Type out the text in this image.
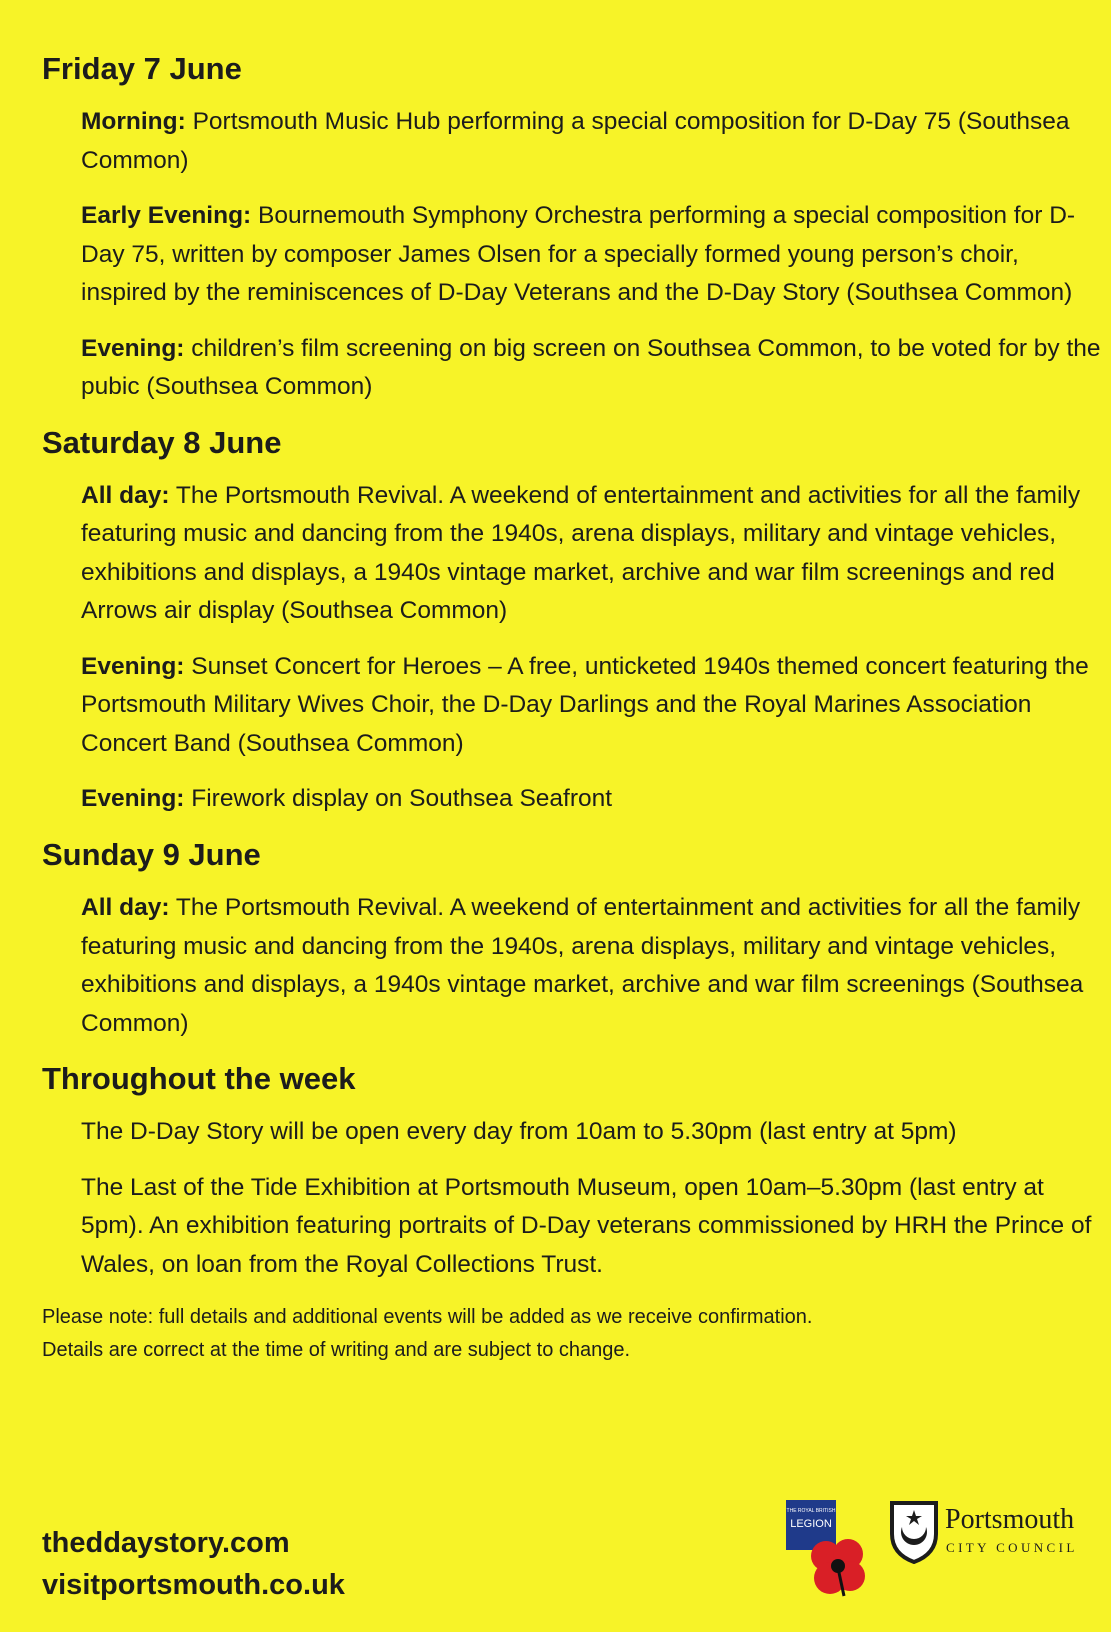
Friday 7 June

Morning: Portsmouth Music Hub performing a special composition for D-Day 75 (Southsea Common)

Early Evening: Bournemouth Symphony Orchestra performing a special composition for D-Day 75, written by composer James Olsen for a specially formed young person’s choir, inspired by the reminiscences of D-Day Veterans and the D-Day Story (Southsea Common)

Evening: children’s film screening on big screen on Southsea Common, to be voted for by the pubic (Southsea Common)

Saturday 8 June

All day: The Portsmouth Revival. A weekend of entertainment and activities for all the family featuring music and dancing from the 1940s, arena displays, military and vintage vehicles, exhibitions and displays, a 1940s vintage market, archive and war film screenings and red Arrows air display (Southsea Common)

Evening: Sunset Concert for Heroes – A free, unticketed 1940s themed concert featuring the Portsmouth Military Wives Choir, the D-Day Darlings and the Royal Marines Association Concert Band (Southsea Common)

Evening: Firework display on Southsea Seafront

Sunday 9 June

All day: The Portsmouth Revival. A weekend of entertainment and activities for all the family featuring music and dancing from the 1940s, arena displays, military and vintage vehicles, exhibitions and displays, a 1940s vintage market, archive and war film screenings (Southsea Common)

Throughout the week

The D-Day Story will be open every day from 10am to 5.30pm (last entry at 5pm)

The Last of the Tide Exhibition at Portsmouth Museum, open 10am–5.30pm (last entry at 5pm). An exhibition featuring portraits of D-Day veterans commissioned by HRH the Prince of Wales, on loan from the Royal Collections Trust.

Please note: full details and additional events will be added as we receive confirmation.
Details are correct at the time of writing and are subject to change.
theddaystory.com
visitportsmouth.co.uk
THE ROYAL BRITISH
LEGION	Portsmouth
CITY COUNCIL
